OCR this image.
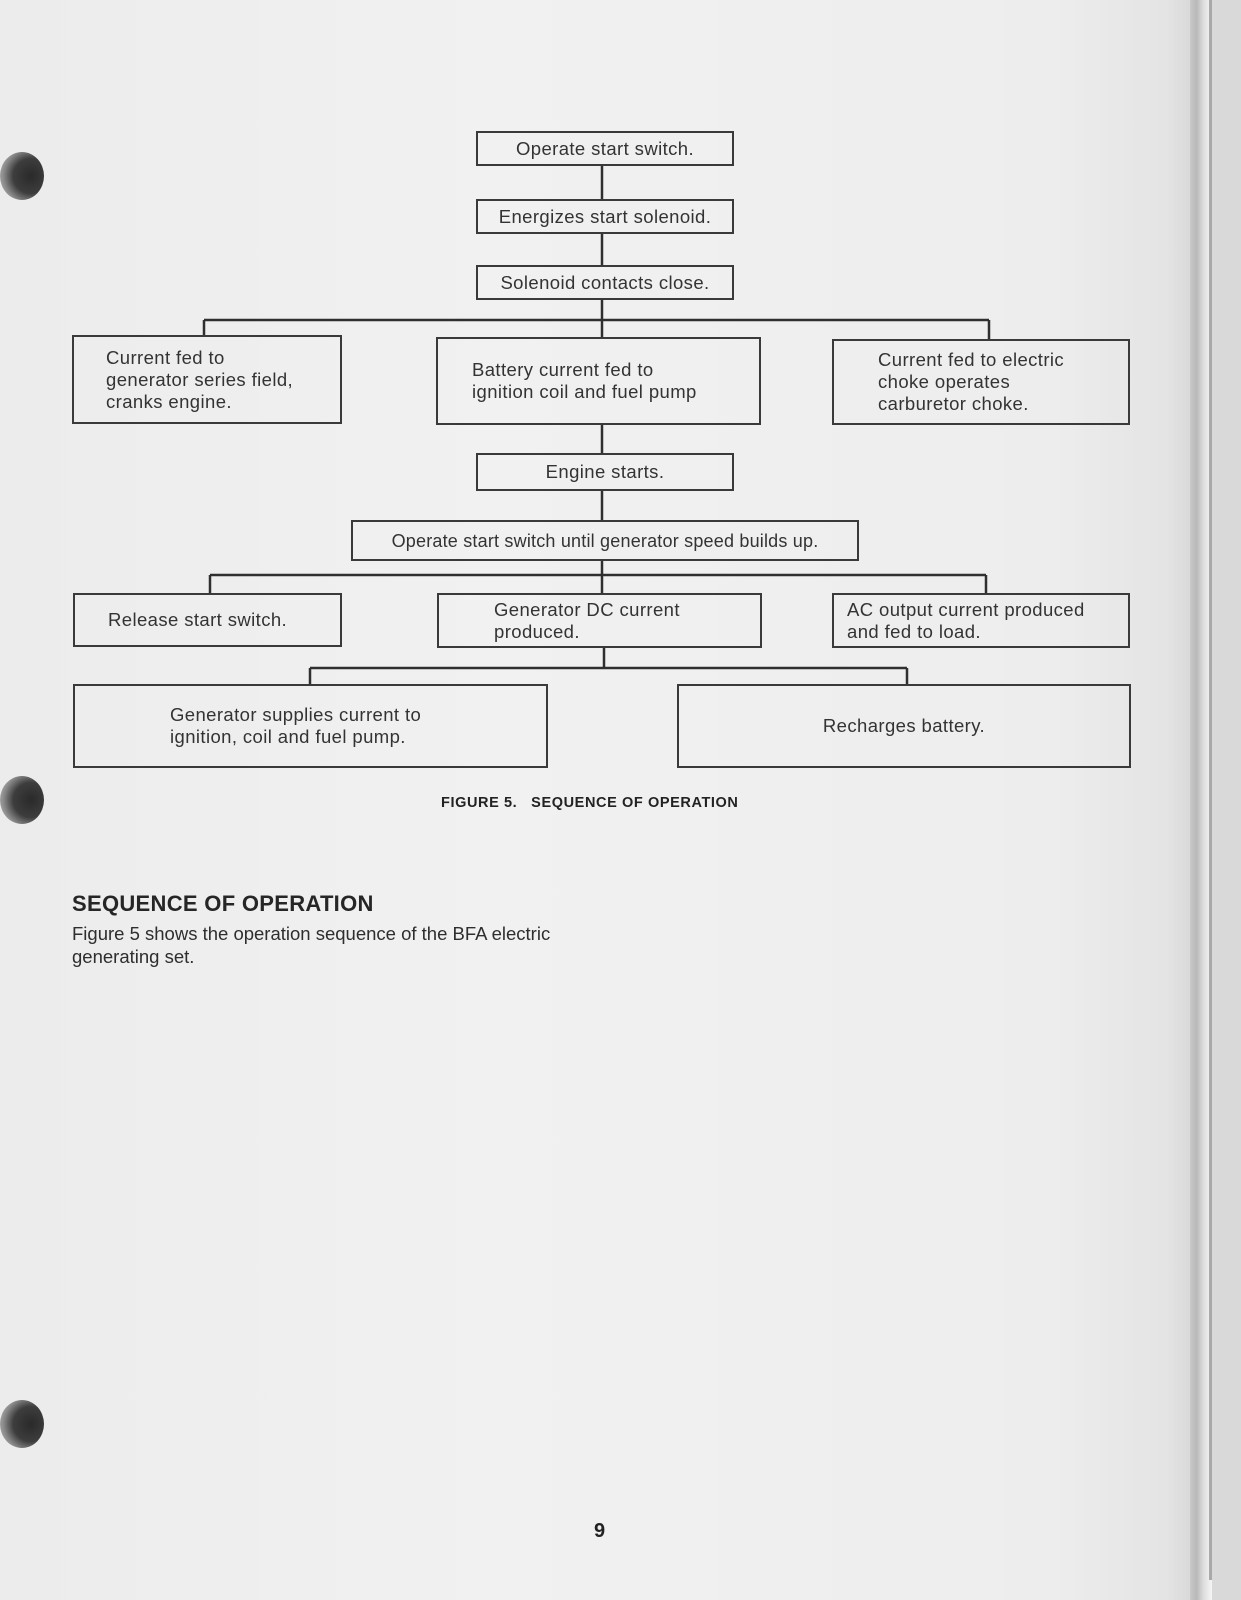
Operate start switch.
Energizes start solenoid.
Solenoid contacts close.
Current fed to
generator series field,
cranks engine.
Battery current fed to
ignition coil and fuel pump
Current fed to electric
choke operates
carburetor choke.
Engine starts.
Operate start switch until generator speed builds up.
Release start switch.	Generator DC current
produced.
AC output current produced
and fed to load.
Generator supplies current to
ignition, coil and fuel pump.
Recharges battery.
FIGURE 5.   SEQUENCE OF OPERATION
SEQUENCE OF OPERATION
Figure 5 shows the operation sequence of the BFA electric generating set.
9
